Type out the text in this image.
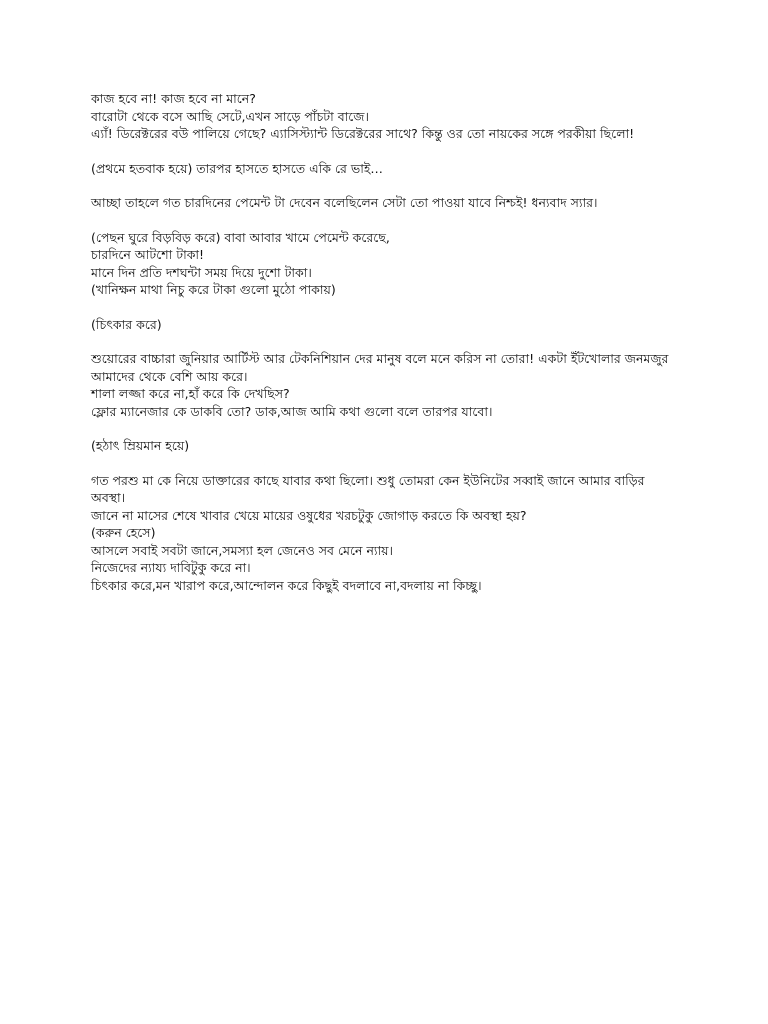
কাজ হবে না! কাজ হবে না মানে?
বারোটা থেকে বসে আছি সেটে,এখন সাড়ে পাঁচটা বাজে।
এ্যাঁ! ডিরেক্টরের বউ পালিয়ে গেছে? এ্যাসিস্ট্যান্ট ডিরেক্টরের সাথে? কিন্তু ওর তো নায়কের সঙ্গে পরকীয়া ছিলো!
(প্রথমে হতবাক হয়ে) তারপর হাসতে হাসতে একি রে ভাই…
আচ্ছা তাহলে গত চারদিনের পেমেন্ট টা দেবেন বলেছিলেন সেটা তো পাওয়া যাবে নিশ্চই! ধন্যবাদ স্যার।
(পেছন ঘুরে বিড়বিড় করে) বাবা আবার খামে পেমেন্ট করেছে,
চারদিনে আটশো টাকা!
মানে দিন প্রতি দশঘন্টা সময় দিয়ে দুশো টাকা।
(খানিক্ষন মাথা নিচু করে টাকা গুলো মুঠো পাকায়)
(চিৎকার করে)
শুয়োরের বাচ্চারা জুনিয়ার আর্টিস্ট আর টেকনিশিয়ান দের মানুষ বলে মনে করিস না তোরা! একটা ইঁটখোলার জনমজুর আমাদের থেকে বেশি আয় করে।
শালা লজ্জা করে না,হাঁ করে কি দেখছিস?
ফ্লোর ম্যানেজার কে ডাকবি তো? ডাক,আজ আমি কথা গুলো বলে তারপর যাবো।
(হঠাৎ ম্রিয়মান হয়ে)
গত পরশু মা কে নিয়ে ডাক্তারের কাছে যাবার কথা ছিলো। শুধু তোমরা কেন ইউনিটের সব্বাই জানে আমার বাড়ির অবস্থা।
জানে না মাসের শেষে খাবার খেয়ে মায়ের ওষুধের খরচটুকু জোগাড় করতে কি অবস্থা হয়?
(করুন হেসে)
আসলে সবাই সবটা জানে,সমস্যা হল জেনেও সব মেনে ন্যায়।
নিজেদের ন্যায্য দাবিটুকু করে না।
চিৎকার করে,মন খারাপ করে,আন্দোলন করে কিছুই বদলাবে না,বদলায় না কিচ্ছু।
